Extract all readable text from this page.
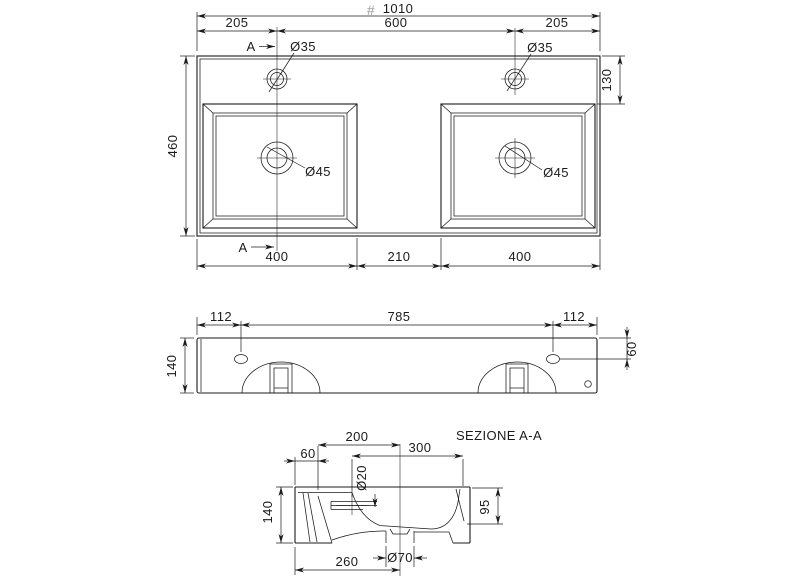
# 1010
205	600	205
460
130
Ø35	Ø35
Ø45	Ø45
A
A
400	210	400
112	785	112
140
60
SEZIONE A-A
60
200
300
Ø20
140	95
260 Ø70
